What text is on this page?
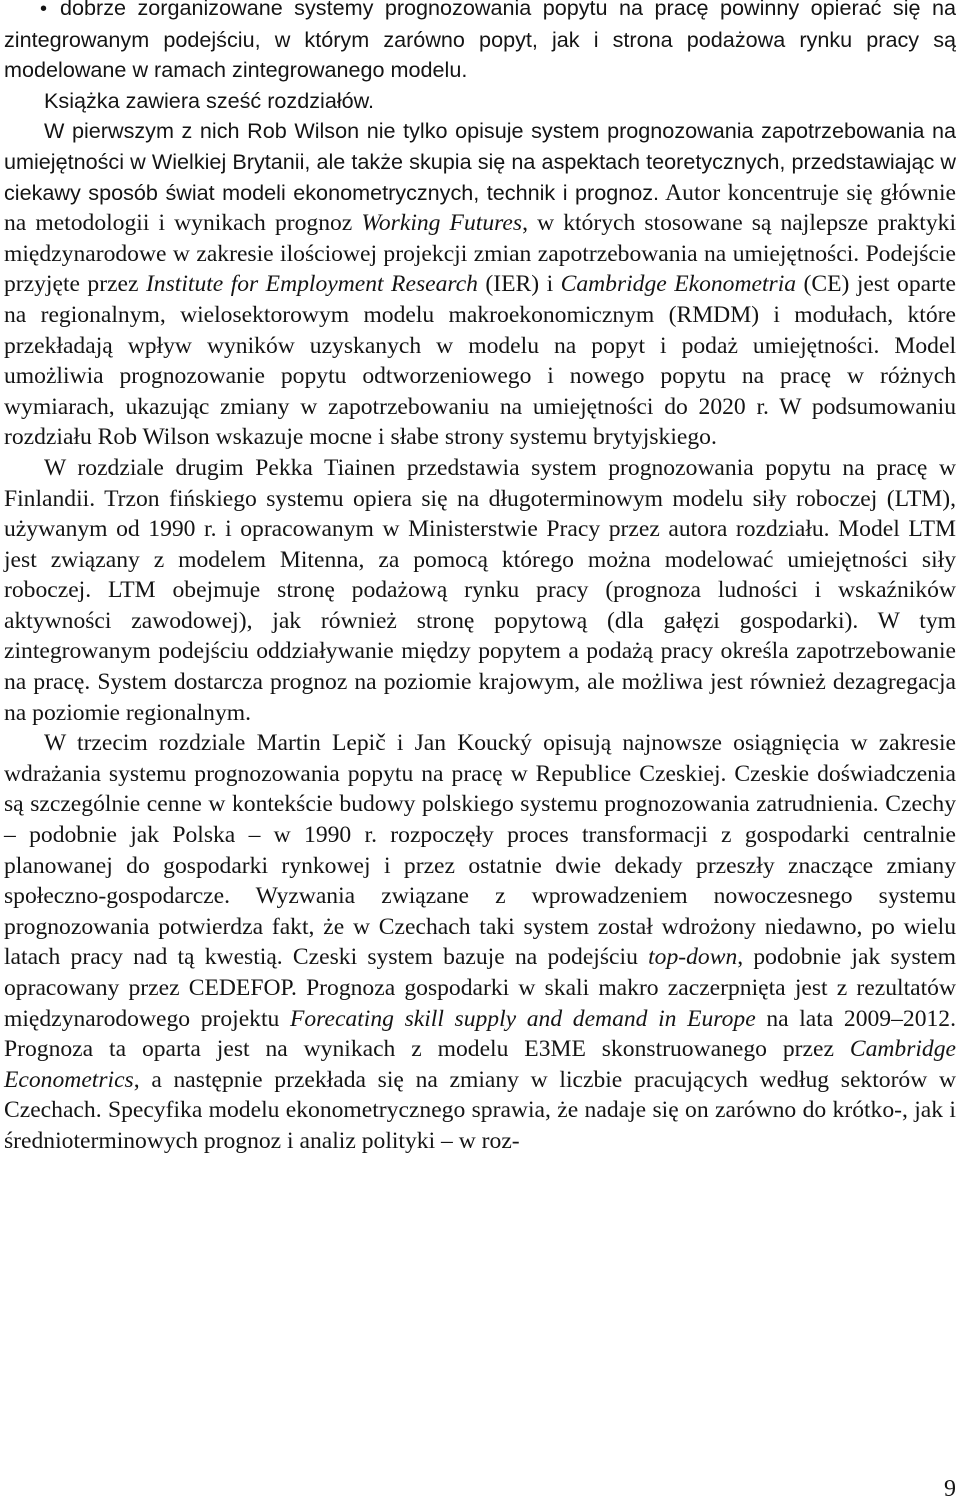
• dobrze zorganizowane systemy prognozowania popytu na pracę powinny opierać się na zintegrowanym podejściu, w którym zarówno popyt, jak i strona podażowa rynku pracy są modelowane w ramach zintegrowanego modelu.

Książka zawiera sześć rozdziałów.

W pierwszym z nich Rob Wilson nie tylko opisuje system prognozowania zapotrzebowania na umiejętności w Wielkiej Brytanii, ale także skupia się na aspektach teoretycznych, przedstawiając w ciekawy sposób świat modeli ekonometrycznych, technik i prognoz. Autor koncentruje się głównie na metodologii i wynikach prognoz Working Futures, w których stosowane są najlepsze praktyki międzynarodowe w zakresie ilościowej projekcji zmian zapotrzebowania na umiejętności. Podejście przyjęte przez Institute for Employment Research (IER) i Cambridge Ekonometria (CE) jest oparte na regionalnym, wielosektorowym modelu makroekonomicznym (RMDM) i modułach, które przekładają wpływ wyników uzyskanych w modelu na popyt i podaż umiejętności. Model umożliwia prognozowanie popytu odtworzeniowego i nowego popytu na pracę w różnych wymiarach, ukazując zmiany w zapotrzebowaniu na umiejętności do 2020 r. W podsumowaniu rozdziału Rob Wilson wskazuje mocne i słabe strony systemu brytyjskiego.

W rozdziale drugim Pekka Tiainen przedstawia system prognozowania popytu na pracę w Finlandii. Trzon fińskiego systemu opiera się na długoterminowym modelu siły roboczej (LTM), używanym od 1990 r. i opracowanym w Ministerstwie Pracy przez autora rozdziału. Model LTM jest związany z modelem Mitenna, za pomocą którego można modelować umiejętności siły roboczej. LTM obejmuje stronę podażową rynku pracy (prognoza ludności i wskaźników aktywności zawodowej), jak również stronę popytową (dla gałęzi gospodarki). W tym zintegrowanym podejściu oddziaływanie między popytem a podażą pracy określa zapotrzebowanie na pracę. System dostarcza prognoz na poziomie krajowym, ale możliwa jest również dezagregacja na poziomie regionalnym.

W trzecim rozdziale Martin Lepič i Jan Koucký opisują najnowsze osiągnięcia w zakresie wdrażania systemu prognozowania popytu na pracę w Republice Czeskiej. Czeskie doświadczenia są szczególnie cenne w kontekście budowy polskiego systemu prognozowania zatrudnienia. Czechy – podobnie jak Polska – w 1990 r. rozpoczęły proces transformacji z gospodarki centralnie planowanej do gospodarki rynkowej i przez ostatnie dwie dekady przeszły znaczące zmiany społeczno-gospodarcze. Wyzwania związane z wprowadzeniem nowoczesnego systemu prognozowania potwierdza fakt, że w Czechach taki system został wdrożony niedawno, po wielu latach pracy nad tą kwestią. Czeski system bazuje na podejściu top-down, podobnie jak system opracowany przez CEDEFOP. Prognoza gospodarki w skali makro zaczerpnięta jest z rezultatów międzynarodowego projektu Forecating skill supply and demand in Europe na lata 2009–2012. Prognoza ta oparta jest na wynikach z modelu E3ME skonstruowanego przez Cambridge Econometrics, a następnie przekłada się na zmiany w liczbie pracujących według sektorów w Czechach. Specyfika modelu ekonometrycznego sprawia, że nadaje się on zarówno do krótko-, jak i średnioterminowych prognoz i analiz polityki – w roz-

9
